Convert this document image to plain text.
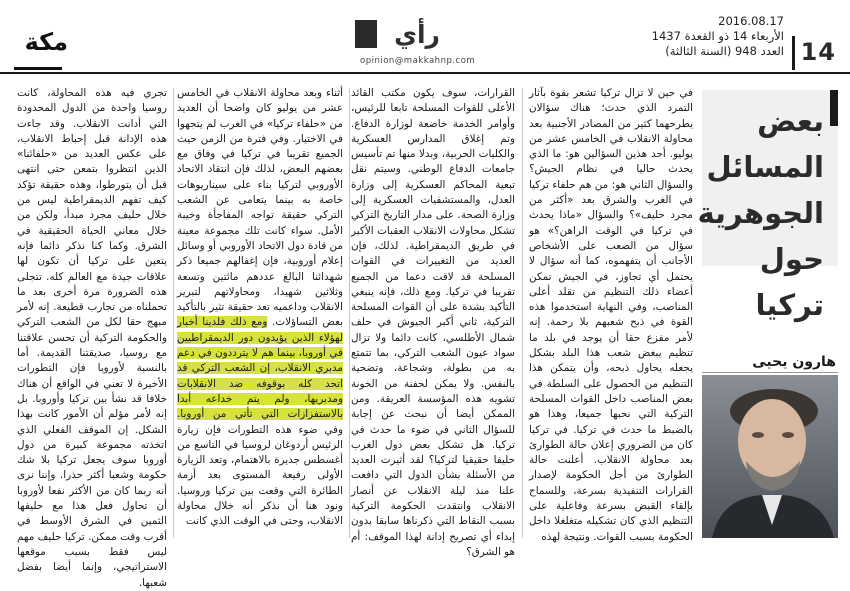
14
2016.08.17
الأربعاء 14 ذو القعدة 1437
العدد 948 (السنة الثالثة)
رأي
opinion@makkahnp.com
مكة
بعض المسائل الجوهرية حول تركيا
هارون يحيى
في حين لا تزال تركيا تشعر بقوة بآثار التمرد الذي حدث؛ هناك سؤالان يطرحهما كثير من المصادر الأجنبية بعد محاولة الانقلاب في الخامس عشر من يوليو. أحد هذين السؤالين هو: ما الذي يحدث حاليا في نظام الجيش؟ والسؤال الثاني هو: من هم حلفاء تركيا في الغرب والشرق بعد «أكثر من مجرد حليف»؟ والسؤال «ماذا يحدث في تركيا في الوقت الراهن؟» هو سؤال من الصعب على الأشخاص الأجانب أن يتفهموه، كما أنه سؤال لا يحتمل أي تجاوز، في الجيش تمكن أعضاء ذلك التنظيم من تقلد أعلى المناصب، وفي النهاية استخدموا هذه القوة في ذبح شعبهم بلا رحمة. إنه لأمر مفزع حقا أن يوجد في بلد ما تنظيم يبغض شعب هذا البلد بشكل يجعله يحاول ذبحه، وأن يتمكن هذا التنظيم من الحصول على السلطة في بعض المناصب داخل القوات المسلحة التركية التي نحبها جميعا، وهذا هو بالضبط ما حدث في تركيا. في تركيا كان من الضروري إعلان حالة الطوارئ بعد محاولة الانقلاب. أعلنت حالة الطوارئ من أجل الحكومة لإصدار القرارات التنفيذية بسرعة، وللسماح بإلقاء القبض بسرعة وفاعلية على التنظيم الذي كان تشكيله متغلغلا داخل الحكومة بسبب القوات. ونتيجة لهذه
القرارات، سوف يكون مكتب القائد الأعلى للقوات المسلحة تابعا للرئيس، وأوامر الخدمة خاضعة لوزارة الدفاع. وتم إغلاق المدارس العسكرية والكليات الحربية، وبدلا منها تم تأسيس جامعات الدفاع الوطني. وسيتم نقل تبعية المحاكم العسكرية إلى وزارة العدل، والمستشفيات العسكرية إلى وزارة الصحة. على مدار التاريخ التركي تشكل محاولات الانقلاب العقبات الأكبر في طريق الديمقراطية. لذلك، فإن العديد من التغييرات في القوات المسلحة قد لاقت دعما من الجميع تقريبا في تركيا. ومع ذلك، فإنه ينبغي التأكيد بشدة على أن القوات المسلحة التركية، ثاني أكبر الجيوش في حلف شمال الأطلسي، كانت دائما ولا تزال سواد عيون الشعب التركي، بما تتمتع به من بطولة، وشجاعة، وتضحية بالنفس. ولا يمكن لحفنة من الخونة تشويه هذه المؤسسة العريقة. ومن الممكن أيضا أن نبحث عن إجابة للسؤال الثاني في ضوء ما حدث في تركيا. هل تشكل بعض دول الغرب حليفا حقيقيا لتركيا؟ لقد أثيرت العديد من الأسئلة بشأن الدول التي دافعت علنا منذ ليلة الانقلاب عن أنصار الانقلاب وانتقدت الحكومة التركية بسبب النقاط التي ذكرناها سابقا بدون إبداء أي تصريح إدانة لهذا الموقف: أم هو الشرق؟
أثناء وبعد محاولة الانقلاب في الخامس عشر من يوليو كان واضحا أن العديد من «حلفاء تركيا» في الغرب لم يتجهوا في الاختيار. وفي فترة من الزمن حيث الجميع تقريبا في تركيا في وفاق مع بعضهم البعض، لذلك فإن انتقاد الاتحاد الأوروبي لتركيا بناء على سيناريوهات خاصة به بينما يتعامى عن الشعب التركي حقيقة تواجه المفاجأة وخيبة الأمل. سواء كانت تلك مجموعة معينة من قادة دول الاتحاد الأوروبي أو وسائل إعلام أوروبية، فإن إغفالهم جميعا ذكر شهدائنا البالغ عددهم مائتين وتسعة وثلاثين شهيدا، ومحاولاتهم لتبرير الانقلاب وداعميه تعد حقيقة تثير بالتأكيد بعض التساؤلات. ومع ذلك فلدينا أخبار لهؤلاء الذين يؤيدون دور الديمقراطيين في أوروبا، بينما هم لا يترددون في دعم مدبري الانقلاب، إن الشعب التركي قد اتحد كله بوقوفه ضد الانقلابات ومدبريها، ولم يتم خداعه أبدا بالاستفزازات التي تأتي من أوروبا. وفي ضوء هذه التطورات فإن زيارة الرئيس أردوغان لروسيا في التاسع من أغسطس جديرة بالاهتمام، وتعد الزيارة الأولى رفيعة المستوى بعد أزمة الطائرة التي وقعت بين تركيا وروسيا. ونود هنا أن نذكر أنه خلال محاولة الانقلاب، وحتى في الوقت الذي كانت
تجري فيه هذه المحاولة، كانت روسيا واحدة من الدول المحدودة التي أدانت الانقلاب. وقد جاءت هذه الإدانة قبل إحباط الانقلاب، على عكس العديد من «حلفائنا» الذين انتظروا بتمعن حتى انتهى قبل أن يتورطوا، وهذه حقيقة تؤكد كيف تفهم الديمقراطية ليس من خلال حليف مجرد مبدأ، ولكن من خلال معاني الحياة الحقيقية في الشرق. وكما كنا نذكر دائما فإنه يتعين على تركيا أن تكون لها علاقات جيدة مع العالم كله. تتجلى هذه الضرورة مرة أخرى بعد ما تحملناه من تجارب قطيعة. إنه لأمر مبهج حقا لكل من الشعب التركي والحكومة التركية أن تحسن علاقتنا مع روسيا، صديقتنا القديمة. أما بالنسبة لأوروبا فإن التطورات الأخيرة لا تعني في الواقع أن هناك خلافا قد نشأ بين تركيا وأوروبا. بل إنه لأمر مؤلم أن الأمور كانت بهذا الشكل. إن الموقف الفعلي الذي اتخذته مجموعة كبيرة من دول أوروبا سوف يجعل تركيا بلا شك حكومة وشعبا أكثر حذرا. وإننا نرى أنه ربما كان من الأكثر نفعا لأوروبا أن تحاول فعل هذا مع حليفها الثمين في الشرق الأوسط في أقرب وقت ممكن. تركيا حليف مهم ليس فقط بسبب موقعها الاستراتيجي، وإنما أيضا بفضل شعبها.
